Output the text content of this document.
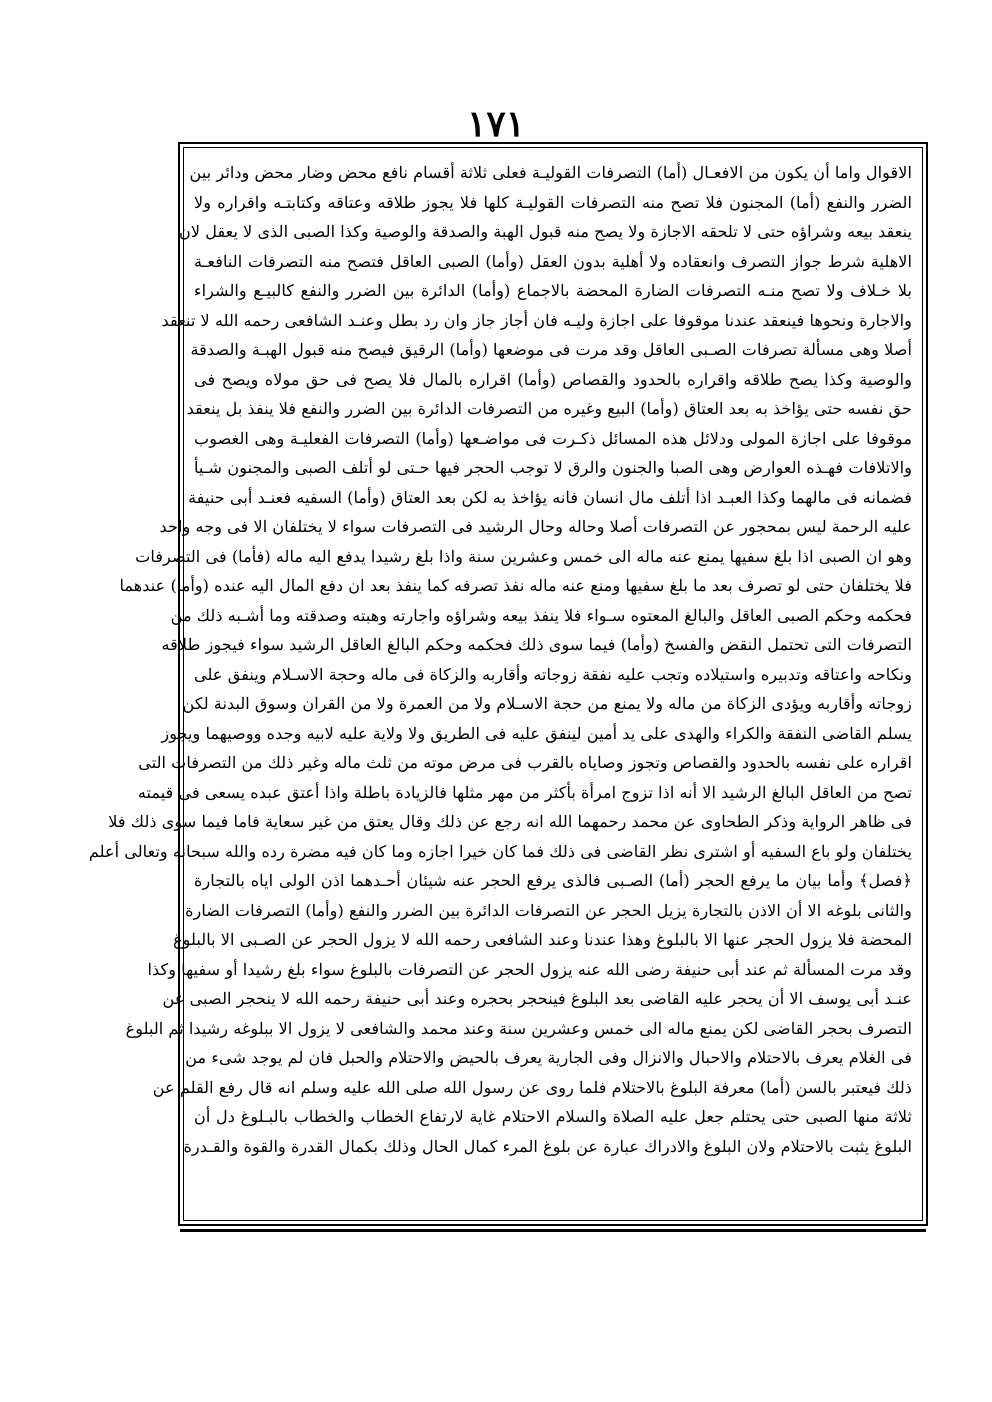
١٧١
الاقوال واما أن يكون من الافعـال (أما) التصرفات القوليـة فعلى ثلاثة أقسام نافع محض وضار محض ودائر بين
الضرر والنفع (أما) المجنون فلا تصح منه التصرفات القوليـة كلها فلا يجوز طلاقه وعتاقه وكتابتـه واقراره ولا
ينعقد بيعه وشراؤه حتى لا تلحقه الاجازة ولا يصح منه قبول الهبة والصدقة والوصية وكذا الصبى الذى لا يعقل لان
الاهلية شرط جواز التصرف وانعقاده ولا أهلية بدون العقل (وأما) الصبى العاقل فتصح منه التصرفات النافعـة
بلا خـلاف ولا تصح منـه التصرفات الضارة المحضة بالاجماع (وأما) الدائرة بين الضرر والنفع كالبيـع والشراء
والاجارة ونحوها فينعقد عندنا موقوفا على اجازة وليـه فان أجاز جاز وان رد بطل وعنـد الشافعى رحمه الله لا تنعقد
أصلا وهى مسألة تصرفات الصـبى العاقل وقد مرت فى موضعها (وأما) الرقيق فيصح منه قبول الهبـة والصدقة
والوصية وكذا يصح طلاقه واقراره بالحدود والقصاص (وأما) اقراره بالمال فلا يصح فى حق مولاه ويصح فى
حق نفسه حتى يؤاخذ به بعد العتاق (وأما) البيع وغيره من التصرفات الدائرة بين الضرر والنفع فلا ينفذ بل ينعقد
موقوفا على اجازة المولى ودلائل هذه المسائل ذكـرت فى مواضـعها (وأما) التصرفات الفعليـة وهى الغصوب
والاتلافات فهـذه العوارض وهى الصبا والجنون والرق لا توجب الحجر فيها حـتى لو أتلف الصبى والمجنون شـيأ
فضمانه فى مالهما وكذا العبـد اذا أتلف مال انسان فانه يؤاخذ به لكن بعد العتاق (وأما) السفيه فعنـد أبى حنيفة
عليه الرحمة ليس بمحجور عن التصرفات أصلا وحاله وحال الرشيد فى التصرفات سواء لا يختلفان الا فى وجه واحد
وهو ان الصبى اذا بلغ سفيها يمنع عنه ماله الى خمس وعشرين سنة واذا بلغ رشيدا يدفع اليه ماله (فأما) فى التصرفات
فلا يختلفان حتى لو تصرف بعد ما بلغ سفيها ومنع عنه ماله نفذ تصرفه كما ينفذ بعد ان دفع المال اليه عنده (وأما) عندهما
فحكمه وحكم الصبى العاقل والبالغ المعتوه سـواء فلا ينفذ بيعه وشراؤه واجارته وهبته وصدقته وما أشـبه ذلك من
التصرفات التى تحتمل النقض والفسخ (وأما) فيما سوى ذلك فحكمه وحكم البالغ العاقل الرشيد سواء فيجوز طلاقه
ونكاحه واعتاقه وتدبيره واستيلاده وتجب عليه نفقة زوجاته وأقاربه والزكاة فى ماله وحجة الاسـلام وينفق على
زوجاته وأقاربه ويؤدى الزكاة من ماله ولا يمنع من حجة الاسـلام ولا من العمرة ولا من القران وسوق البدنة لكن
يسلم القاضى النفقة والكراء والهدى على يد أمين لينفق عليه فى الطريق ولا ولاية عليه لابيه وجده ووصيهما ويجوز
اقراره على نفسه بالحدود والقصاص وتجوز وصاياه بالقرب فى مرض موته من ثلث ماله وغير ذلك من التصرفات التى
تصح من العاقل البالغ الرشيد الا أنه اذا تزوج امرأة بأكثر من مهر مثلها فالزيادة باطلة واذا أعتق عبده يسعى فى قيمته
فى ظاهر الرواية وذكر الطحاوى عن محمد رحمهما الله انه رجع عن ذلك وقال يعتق من غير سعاية فاما فيما سوى ذلك فلا
يختلفان ولو باع السفيه أو اشترى نظر القاضى فى ذلك فما كان خيرا اجازه وما كان فيه مضرة رده والله سبحانه وتعالى أعلم
﴿فصل﴾ وأما بيان ما يرفع الحجر (أما) الصـبى فالذى يرفع الحجر عنه شيئان أحـدهما اذن الولى اياه بالتجارة
والثانى بلوغه الا أن الاذن بالتجارة يزيل الحجر عن التصرفات الدائرة بين الضرر والنفع (وأما) التصرفات الضارة
المحضة فلا يزول الحجر عنها الا بالبلوغ وهذا عندنا وعند الشافعى رحمه الله لا يزول الحجر عن الصـبى الا بالبلوغ
وقد مرت المسألة ثم عند أبى حنيفة رضى الله عنه يزول الحجر عن التصرفات بالبلوغ سواء بلغ رشيدا أو سفيها وكذا
عنـد أبى يوسف الا أن يحجر عليه القاضى بعد البلوغ فينحجر بحجره وعند أبى حنيفة رحمه الله لا ينحجر الصبى عن
التصرف بحجر القاضى لكن يمنع ماله الى خمس وعشرين سنة وعند محمد والشافعى لا يزول الا ببلوغه رشيدا ثم البلوغ
فى الغلام يعرف بالاحتلام والاحبال والانزال وفى الجارية يعرف بالحيض والاحتلام والحبل فان لم يوجد شىء من
ذلك فيعتبر بالسن (أما) معرفة البلوغ بالاحتلام فلما روى عن رسول الله صلى الله عليه وسلم انه قال رفع القلم عن
ثلاثة منها الصبى حتى يحتلم جعل عليه الصلاة والسلام الاحتلام غاية لارتفاع الخطاب والخطاب بالبـلوغ دل أن
البلوغ يثبت بالاحتلام ولان البلوغ والادراك عبارة عن بلوغ المرء كمال الحال وذلك بكمال القدرة والقوة والقـدرة
